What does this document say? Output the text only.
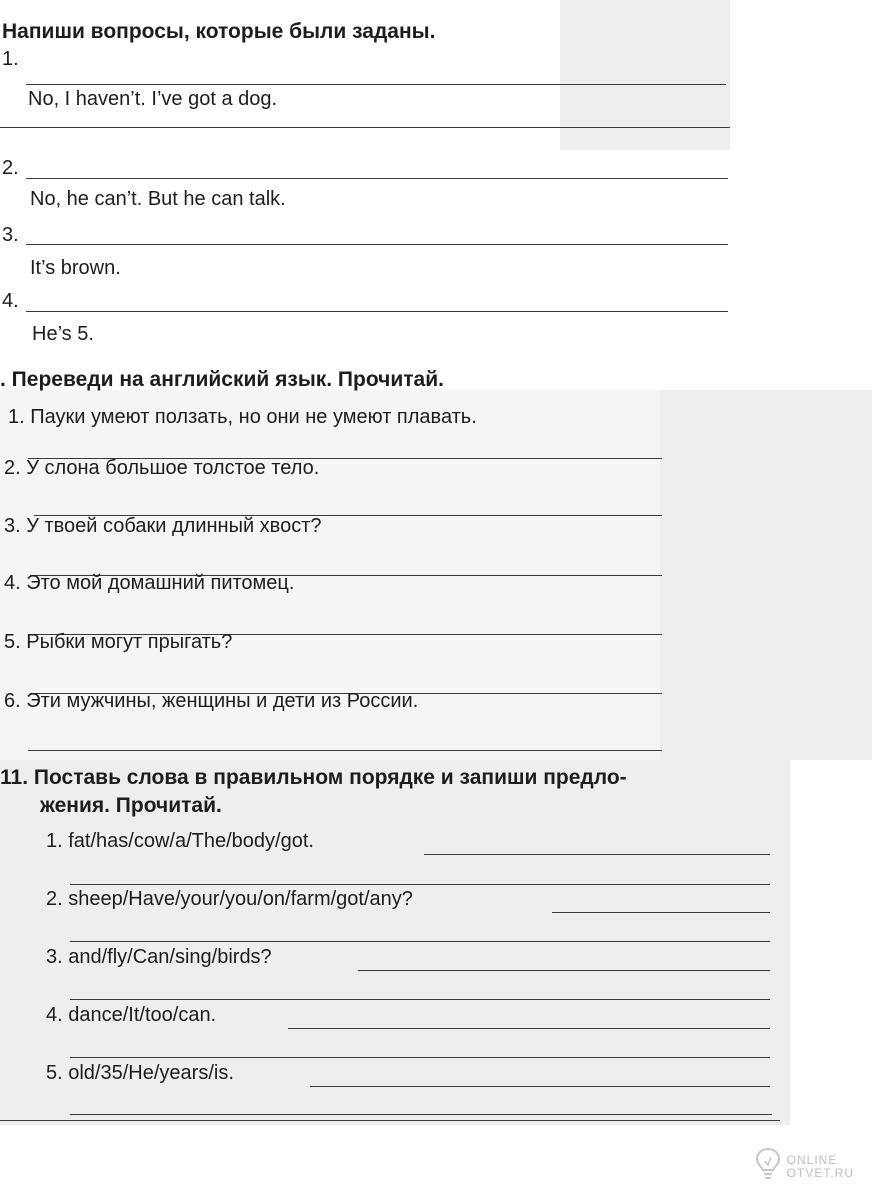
Напиши вопросы, которые были заданы.
1.
No, I haven’t. I’ve got a dog.
2.
No, he can’t. But he can talk.
3.
It’s brown.
4.
He’s 5.
. Переведи на английский язык. Прочитай.
1. Пауки умеют ползать, но они не умеют плавать.
2. У слона большое толстое тело.
3. У твоей собаки длинный хвост?
4. Это мой домашний питомец.
5. Рыбки могут прыгать?
6. Эти мужчины, женщины и дети из России.
11. Поставь слова в правильном порядке и запиши предло-
жения. Прочитай.
1. fat/has/cow/a/The/body/got.
2. sheep/Have/your/you/on/farm/got/any?
3. and/fly/Can/sing/birds?
4. dance/It/too/can.
5. old/35/He/years/is.
ONLINE
OTVET.RU
